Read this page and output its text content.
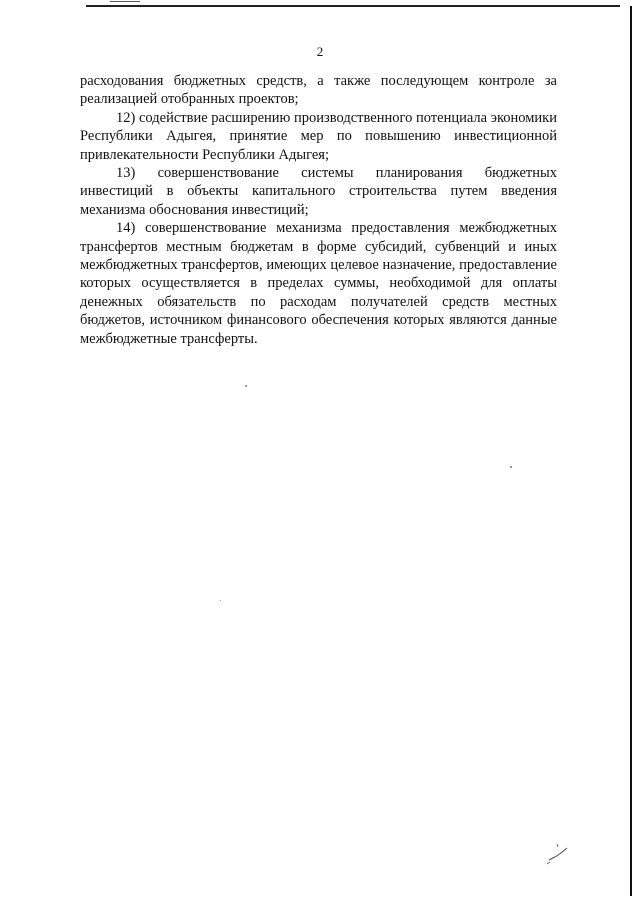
2

расходования бюджетных средств, а также последующем контроле за реализацией отобранных проектов;

12) содействие расширению производственного потенциала экономики Республики Адыгея, принятие мер по повышению инвестиционной привлекательности Республики Адыгея;

13) совершенствование системы планирования бюджетных инвестиций в объекты капитального строительства путем введения механизма обоснования инвестиций;

14) совершенствование механизма предоставления межбюджетных трансфертов местным бюджетам в форме субсидий, субвенций и иных межбюджетных трансфертов, имеющих целевое назначение, предоставление которых осуществляется в пределах суммы, необходимой для оплаты денежных обязательств по расходам получателей средств местных бюджетов, источником финансового обеспечения которых являются данные межбюджетные трансферты.
